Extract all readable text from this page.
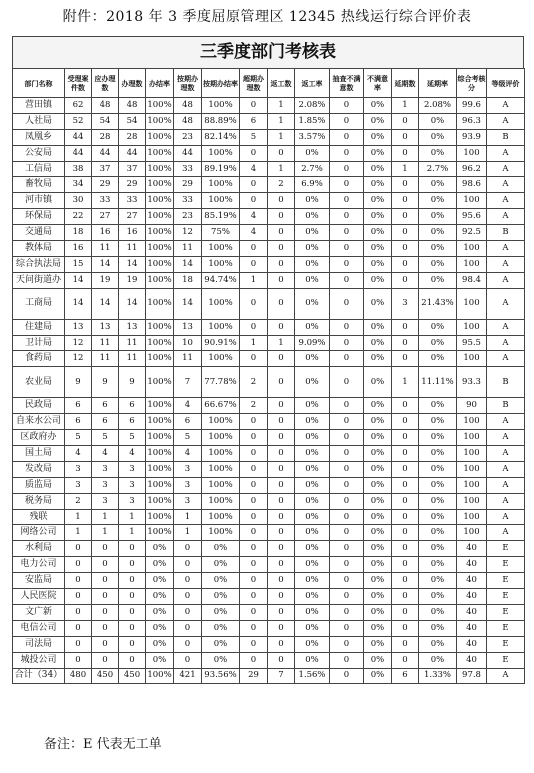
附件：2018 年 3 季度屈原管理区 12345 热线运行综合评价表
三季度部门考核表
部门名称	受理案件数	应办理数	办理数	办结率	按期办理数	按期办结率	超期办理数	返工数	返工率	抽查不满意数	不满意率	延期数	延期率	综合考核分	等级评价
营田镇	62	48	48	100%	48	100%	0	1	2.08%	0	0%	1	2.08%	99.6	A
人社局	52	54	54	100%	48	88.89%	6	1	1.85%	0	0%	0	0%	96.3	A
凤凰乡	44	28	28	100%	23	82.14%	5	1	3.57%	0	0%	0	0%	93.9	B
公安局	44	44	44	100%	44	100%	0	0	0%	0	0%	0	0%	100	A
工信局	38	37	37	100%	33	89.19%	4	1	2.7%	0	0%	1	2.7%	96.2	A
畜牧局	34	29	29	100%	29	100%	0	2	6.9%	0	0%	0	0%	98.6	A
河市镇	30	33	33	100%	33	100%	0	0	0%	0	0%	0	0%	100	A
环保局	22	27	27	100%	23	85.19%	4	0	0%	0	0%	0	0%	95.6	A
交通局	18	16	16	100%	12	75%	4	0	0%	0	0%	0	0%	92.5	B
教体局	16	11	11	100%	11	100%	0	0	0%	0	0%	0	0%	100	A
综合执法局	15	14	14	100%	14	100%	0	0	0%	0	0%	0	0%	100	A
天问街道办	14	19	19	100%	18	94.74%	1	0	0%	0	0%	0	0%	98.4	A
工商局	14	14	14	100%	14	100%	0	0	0%	0	0%	3	21.43%	100	A
住建局	13	13	13	100%	13	100%	0	0	0%	0	0%	0	0%	100	A
卫计局	12	11	11	100%	10	90.91%	1	1	9.09%	0	0%	0	0%	95.5	A
食药局	12	11	11	100%	11	100%	0	0	0%	0	0%	0	0%	100	A
农业局	9	9	9	100%	7	77.78%	2	0	0%	0	0%	1	11.11%	93.3	B
民政局	6	6	6	100%	4	66.67%	2	0	0%	0	0%	0	0%	90	B
自来水公司	6	6	6	100%	6	100%	0	0	0%	0	0%	0	0%	100	A
区政府办	5	5	5	100%	5	100%	0	0	0%	0	0%	0	0%	100	A
国土局	4	4	4	100%	4	100%	0	0	0%	0	0%	0	0%	100	A
发改局	3	3	3	100%	3	100%	0	0	0%	0	0%	0	0%	100	A
质监局	3	3	3	100%	3	100%	0	0	0%	0	0%	0	0%	100	A
税务局	2	3	3	100%	3	100%	0	0	0%	0	0%	0	0%	100	A
残联	1	1	1	100%	1	100%	0	0	0%	0	0%	0	0%	100	A
网络公司	1	1	1	100%	1	100%	0	0	0%	0	0%	0	0%	100	A
水利局	0	0	0	0%	0	0%	0	0	0%	0	0%	0	0%	40	E
电力公司	0	0	0	0%	0	0%	0	0	0%	0	0%	0	0%	40	E
安监局	0	0	0	0%	0	0%	0	0	0%	0	0%	0	0%	40	E
人民医院	0	0	0	0%	0	0%	0	0	0%	0	0%	0	0%	40	E
文广新	0	0	0	0%	0	0%	0	0	0%	0	0%	0	0%	40	E
电信公司	0	0	0	0%	0	0%	0	0	0%	0	0%	0	0%	40	E
司法局	0	0	0	0%	0	0%	0	0	0%	0	0%	0	0%	40	E
城投公司	0	0	0	0%	0	0%	0	0	0%	0	0%	0	0%	40	E
合计（34）	480	450	450	100%	421	93.56%	29	7	1.56%	0	0%	6	1.33%	97.8	A
备注：E 代表无工单
